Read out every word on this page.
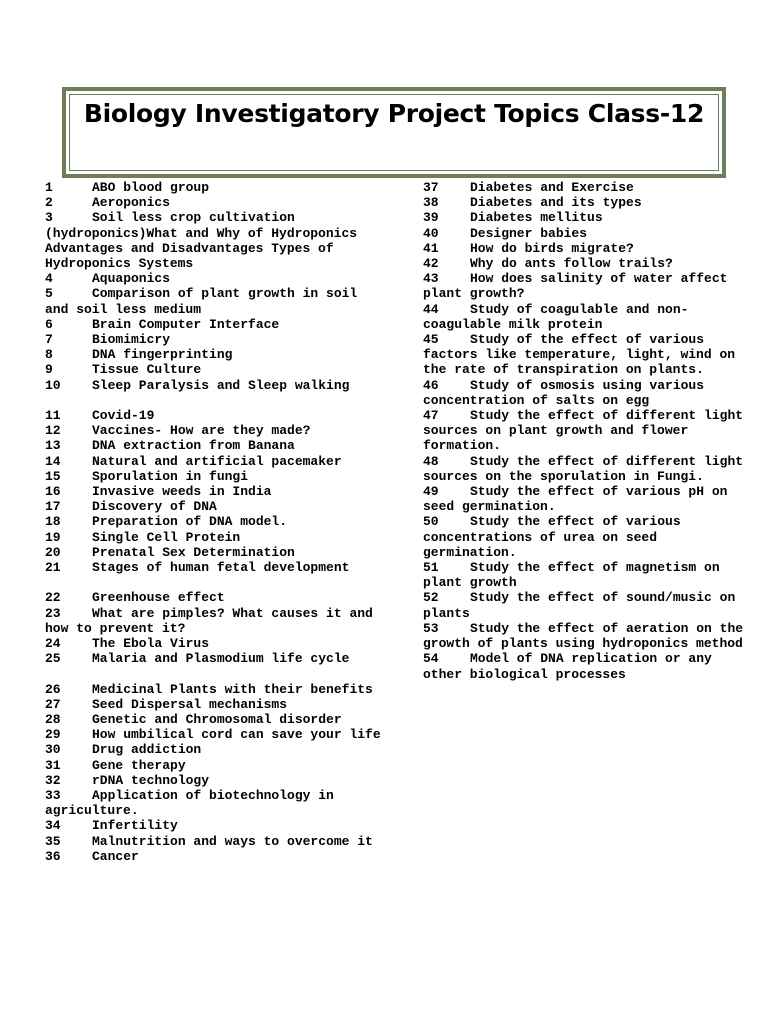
Biology Investigatory Project Topics Class-12

1	ABO blood group

2	Aeroponics

3	Soil less crop cultivation (hydroponics)What and Why of Hydroponics Advantages and Disadvantages Types of Hydroponics Systems

4	Aquaponics

5	Comparison of plant growth in soil and soil less medium

6	Brain Computer Interface

7	Biomimicry

8	DNA fingerprinting

9	Tissue Culture

10 Sleep Paralysis and Sleep walking

11 Covid-19

12 Vaccines- How are they made?

13 DNA extraction from Banana

14 Natural and artificial pacemaker

15 Sporulation in fungi

16 Invasive weeds in India

17 Discovery of DNA

18 Preparation of DNA model.

19 Single Cell Protein

20 Prenatal Sex Determination

21 Stages of human fetal development

22 Greenhouse effect

23 What are pimples? What causes it and how to prevent it?

24 The Ebola Virus

25 Malaria and Plasmodium life cycle

26 Medicinal Plants with their benefits

27 Seed Dispersal mechanisms

28 Genetic and Chromosomal disorder

29 How umbilical cord can save your life

30 Drug addiction

31 Gene therapy

32 rDNA technology

33 Application of biotechnology in agriculture.

34 Infertility

35 Malnutrition and ways to overcome it

36 Cancer

37 Diabetes and Exercise

38 Diabetes and its types

39 Diabetes mellitus

40 Designer babies

41 How do birds migrate?

42 Why do ants follow trails?

43 How does salinity of water affect plant growth?

44 Study of coagulable and non-coagulable milk protein

45 Study of the effect of various factors like temperature, light, wind on the rate of transpiration on plants.

46 Study of osmosis using various concentration of salts on egg

47 Study the effect of different light sources on plant growth and flower formation.

48 Study the effect of different light sources on the sporulation in Fungi.

49 Study the effect of various pH on seed germination.

50 Study the effect of various concentrations of urea on seed germination.

51 Study the effect of magnetism on plant growth

52 Study the effect of sound/music on plants

53 Study the effect of aeration on the growth of plants using hydroponics method

54 Model of DNA replication or any other biological processes
